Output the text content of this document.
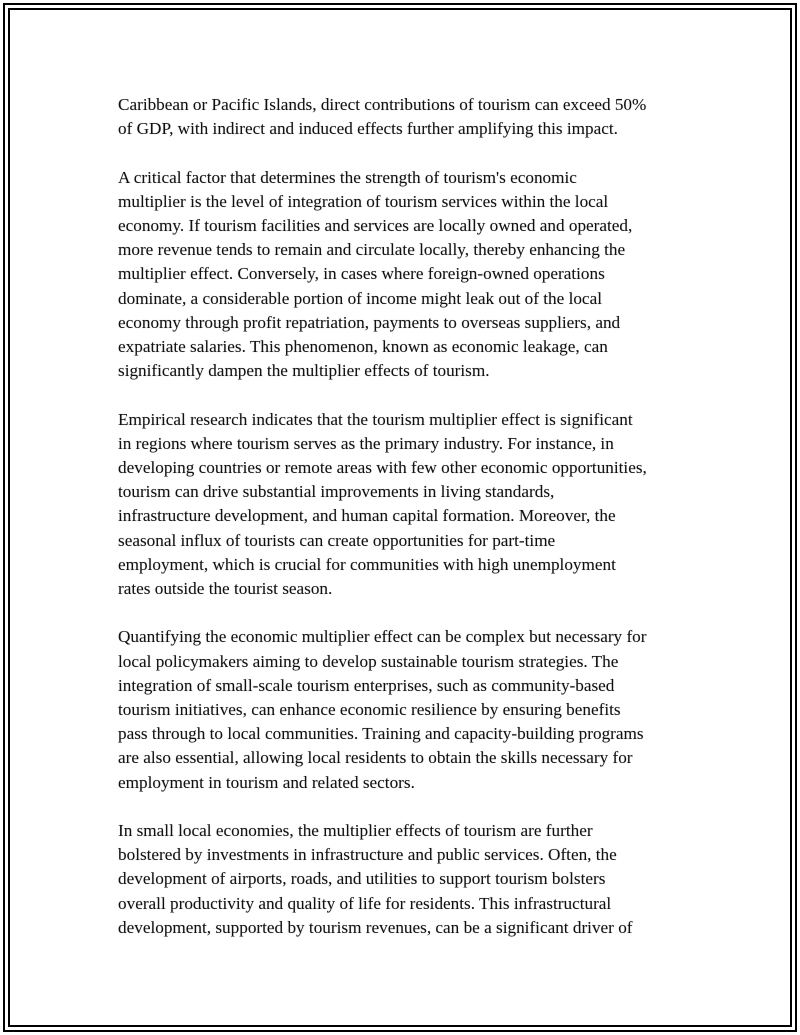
Caribbean or Pacific Islands, direct contributions of tourism can exceed 50%
of GDP, with indirect and induced effects further amplifying this impact.

A critical factor that determines the strength of tourism's economic
multiplier is the level of integration of tourism services within the local
economy. If tourism facilities and services are locally owned and operated,
more revenue tends to remain and circulate locally, thereby enhancing the
multiplier effect. Conversely, in cases where foreign-owned operations
dominate, a considerable portion of income might leak out of the local
economy through profit repatriation, payments to overseas suppliers, and
expatriate salaries. This phenomenon, known as economic leakage, can
significantly dampen the multiplier effects of tourism.

Empirical research indicates that the tourism multiplier effect is significant
in regions where tourism serves as the primary industry. For instance, in
developing countries or remote areas with few other economic opportunities,
tourism can drive substantial improvements in living standards,
infrastructure development, and human capital formation. Moreover, the
seasonal influx of tourists can create opportunities for part-time
employment, which is crucial for communities with high unemployment
rates outside the tourist season.

Quantifying the economic multiplier effect can be complex but necessary for
local policymakers aiming to develop sustainable tourism strategies. The
integration of small-scale tourism enterprises, such as community-based
tourism initiatives, can enhance economic resilience by ensuring benefits
pass through to local communities. Training and capacity-building programs
are also essential, allowing local residents to obtain the skills necessary for
employment in tourism and related sectors.

In small local economies, the multiplier effects of tourism are further
bolstered by investments in infrastructure and public services. Often, the
development of airports, roads, and utilities to support tourism bolsters
overall productivity and quality of life for residents. This infrastructural
development, supported by tourism revenues, can be a significant driver of
